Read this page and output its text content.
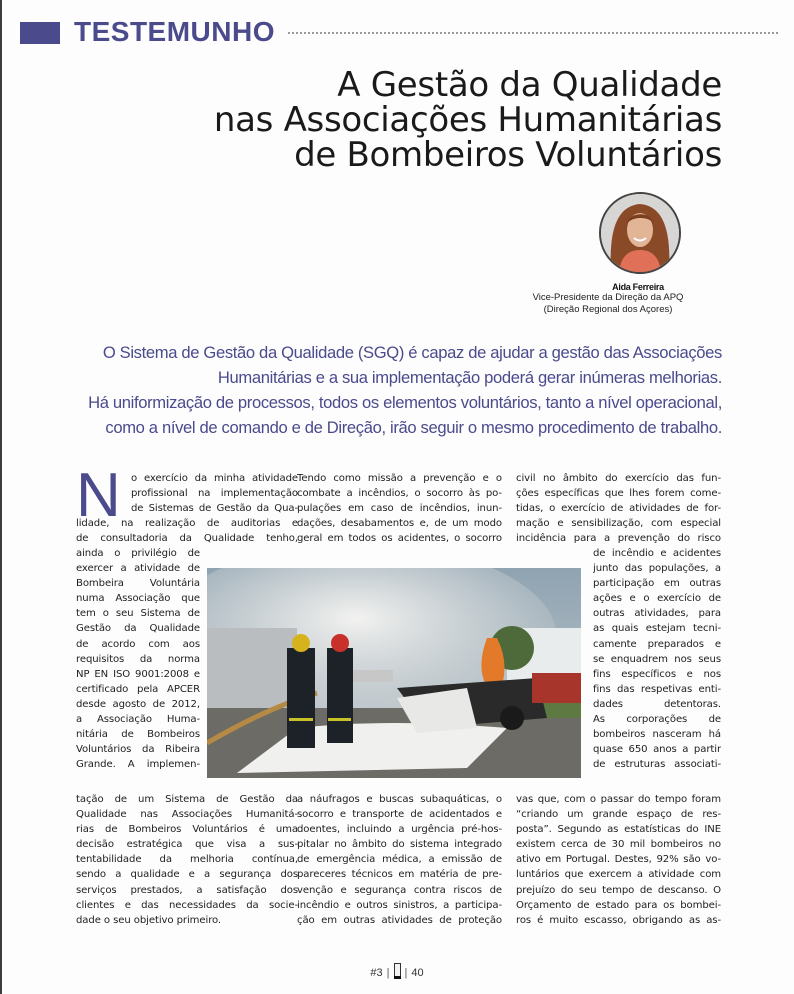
TESTEMUNHO
A Gestão da Qualidade
nas Associações Humanitárias
de Bombeiros Voluntários
Aida Ferreira
Vice-Presidente da Direção da APQ
(Direção Regional dos Açores)
O Sistema de Gestão da Qualidade (SGQ) é capaz de ajudar a gestão das Associações
Humanitárias e a sua implementação poderá gerar inúmeras melhorias.
Há uniformização de processos, todos os elementos voluntários, tanto a nível operacional,
como a nível de comando e de Direção, irão seguir o mesmo procedimento de trabalho.
N o exercício da minha atividade
profissional na implementação
de Sistemas de Gestão da Qua-
lidade, na realização de auditorias e
de consultadoria da Qualidade tenho,
ainda o privilégio de
exercer a atividade de
Bombeira Voluntária
numa Associação que
tem o seu Sistema de
Gestão da Qualidade
de acordo com aos
requisitos da norma
NP EN ISO 9001:2008 e
certificado pela APCER
desde agosto de 2012,
a Associação Huma-
nitária de Bombeiros
Voluntários da Ribeira
Grande. A implemen-
tação de um Sistema de Gestão da
Qualidade nas Associações Humanitá-
rias de Bombeiros Voluntários é uma
decisão estratégica que visa a sus-
tentabilidade da melhoria contínua,
sendo a qualidade e a segurança dos
serviços prestados, a satisfação dos
clientes e das necessidades da socie-
dade o seu objetivo primeiro.
Tendo como missão a prevenção e o
combate a incêndios, o socorro às po-
pulações em caso de incêndios, inun-
dações, desabamentos e, de um modo
geral em todos os acidentes, o socorro
a náufragos e buscas subaquáticas, o
socorro e transporte de acidentados e
doentes, incluindo a urgência pré-hos-
pitalar no âmbito do sistema integrado
de emergência médica, a emissão de
pareceres técnicos em matéria de pre-
venção e segurança contra riscos de
incêndio e outros sinistros, a participa-
ção em outras atividades de proteção
civil no âmbito do exercício das fun-
ções específicas que lhes forem come-
tidas, o exercício de atividades de for-
mação e sensibilização, com especial
incidência para a prevenção do risco
de incêndio e acidentes
junto das populações, a
participação em outras
ações e o exercício de
outras atividades, para
as quais estejam tecni-
camente preparados e
se enquadrem nos seus
fins específicos e nos
fins das respetivas enti-
dades detentoras.
As corporações de
bombeiros nasceram há
quase 650 anos a partir
de estruturas associati-
vas que, com o passar do tempo foram
“criando um grande espaço de res-
posta”. Segundo as estatísticas do INE
existem cerca de 30 mil bombeiros no
ativo em Portugal. Destes, 92% são vo-
luntários que exercem a atividade com
prejuízo do seu tempo de descanso. O
Orçamento de estado para os bombei-
ros é muito escasso, obrigando as as-
#3 | | 40
